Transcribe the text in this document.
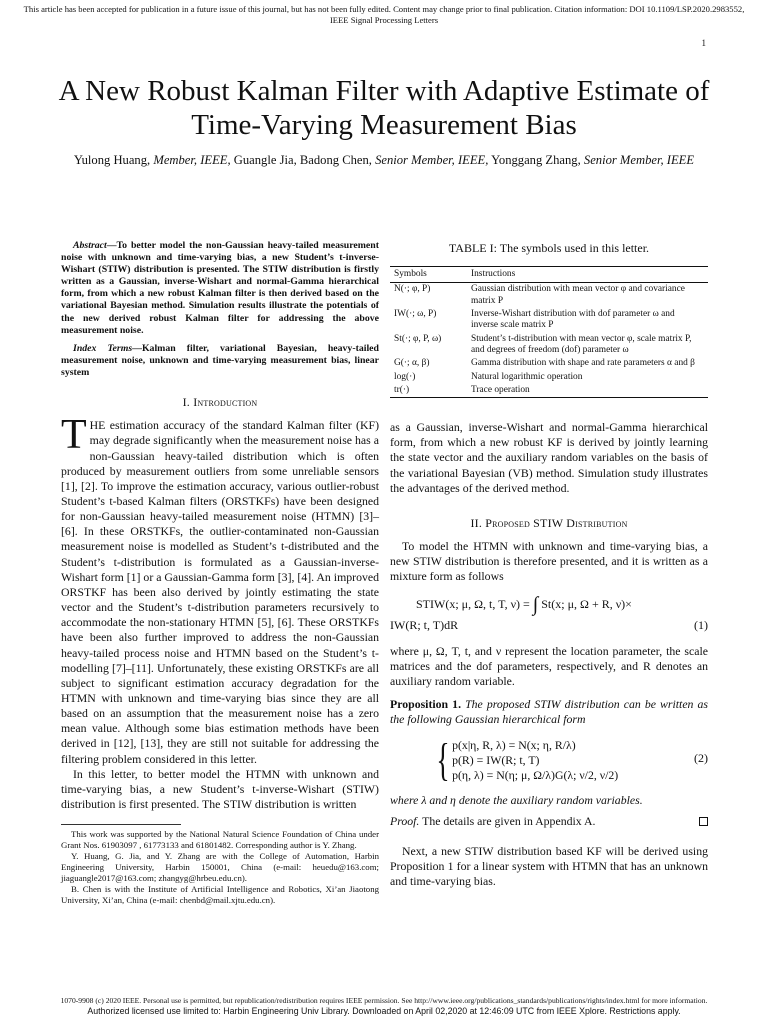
This article has been accepted for publication in a future issue of this journal, but has not been fully edited. Content may change prior to final publication. Citation information: DOI 10.1109/LSP.2020.2983552, IEEE Signal Processing Letters
1
A New Robust Kalman Filter with Adaptive Estimate of Time-Varying Measurement Bias
Yulong Huang, Member, IEEE, Guangle Jia, Badong Chen, Senior Member, IEEE, Yonggang Zhang, Senior Member, IEEE

Abstract—To better model the non-Gaussian heavy-tailed measurement noise with unknown and time-varying bias, a new Student’s t-inverse-Wishart (STIW) distribution is presented. The STIW distribution is firstly written as a Gaussian, inverse-Wishart and normal-Gamma hierarchical form, from which a new robust Kalman filter is then derived based on the variational Bayesian method. Simulation results illustrate the potentials of the new derived robust Kalman filter for addressing the above measurement noise.

Index Terms—Kalman filter, variational Bayesian, heavy-tailed measurement noise, unknown and time-varying measurement bias, linear system

I. Introduction

THE estimation accuracy of the standard Kalman filter (KF) may degrade significantly when the measurement noise has a non-Gaussian heavy-tailed distribution which is often produced by measurement outliers from some unreliable sensors [1], [2]. To improve the estimation accuracy, various outlier-robust Student’s t-based Kalman filters (ORSTKFs) have been designed for non-Gaussian heavy-tailed measurement noise (HTMN) [3]–[6]. In these ORSTKFs, the outlier-contaminated non-Gaussian measurement noise is modelled as Student’s t-distributed and the Student’s t-distribution is formulated as a Gaussian-inverse-Wishart form [1] or a Gaussian-Gamma form [3], [4]. An improved ORSTKF has been also derived by jointly estimating the state vector and the Student’s t-distribution parameters recursively to accommodate the non-stationary HTMN [5], [6]. These ORSTKFs have been also further improved to address the non-Gaussian heavy-tailed process noise and HTMN based on the Student’s t-modelling [7]–[11]. Unfortunately, these existing ORSTKFs are all subject to significant estimation accuracy degradation for the HTMN with unknown and time-varying bias since they are all based on an assumption that the measurement noise has a zero mean value. Although some bias estimation methods have been derived in [12], [13], they are still not suitable for addressing the filtering problem considered in this letter.

In this letter, to better model the HTMN with unknown and time-varying bias, a new Student’s t-inverse-Wishart (STIW) distribution is first presented. The STIW distribution is written

This work was supported by the National Natural Science Foundation of China under Grant Nos. 61903097 , 61773133 and 61801482. Corresponding author is Y. Zhang.

Y. Huang, G. Jia, and Y. Zhang are with the College of Automation, Harbin Engineering University, Harbin 150001, China (e-mail: heuedu@163.com; jiaguangle2017@163.com; zhangyg@hrbeu.edu.cn).

B. Chen is with the Institute of Artificial Intelligence and Robotics, Xi’an Jiaotong University, Xi’an, China (e-mail: chenbd@mail.xjtu.edu.cn).

TABLE I: The symbols used in this letter.
Symbols	Instructions
N(·; φ, P)	Gaussian distribution with mean vector φ and covariance matrix P
IW(·; ω, P)	Inverse-Wishart distribution with dof parameter ω and inverse scale matrix P
St(·; φ, P, ω)	Student’s t-distribution with mean vector φ, scale matrix P, and degrees of freedom (dof) parameter ω
G(·; α, β)	Gamma distribution with shape and rate parameters α and β
log(·)	Natural logarithmic operation
tr(·)	Trace operation

as a Gaussian, inverse-Wishart and normal-Gamma hierarchical form, from which a new robust KF is derived by jointly learning the state vector and the auxiliary random variables on the basis of the variational Bayesian (VB) method. Simulation study illustrates the advantages of the derived method.

II. Proposed STIW Distribution

To model the HTMN with unknown and time-varying bias, a new STIW distribution is therefore presented, and it is written as a mixture form as follows

STIW(x; μ, Ω, t, T, ν) = ∫ St(x; μ, Ω + R, ν)×
IW(R; t, T)dR	(1)

where μ, Ω, T, t, and ν represent the location parameter, the scale matrices and the dof parameters, respectively, and R denotes an auxiliary random variable.

Proposition 1. The proposed STIW distribution can be written as the following Gaussian hierarchical form

{ p(x|η, R, λ) = N(x; η, R/λ)
p(R) = IW(R; t, T)
p(η, λ) = N(η; μ, Ω/λ)G(λ; ν/2, ν/2)
(2)

where λ and η denote the auxiliary random variables.

Proof. The details are given in Appendix A.

Next, a new STIW distribution based KF will be derived using Proposition 1 for a linear system with HTMN that has an unknown and time-varying bias.

1070-9908 (c) 2020 IEEE. Personal use is permitted, but republication/redistribution requires IEEE permission. See http://www.ieee.org/publications_standards/publications/rights/index.html for more information.
Authorized licensed use limited to: Harbin Engineering Univ Library. Downloaded on April 02,2020 at 12:46:09 UTC from IEEE Xplore. Restrictions apply.
